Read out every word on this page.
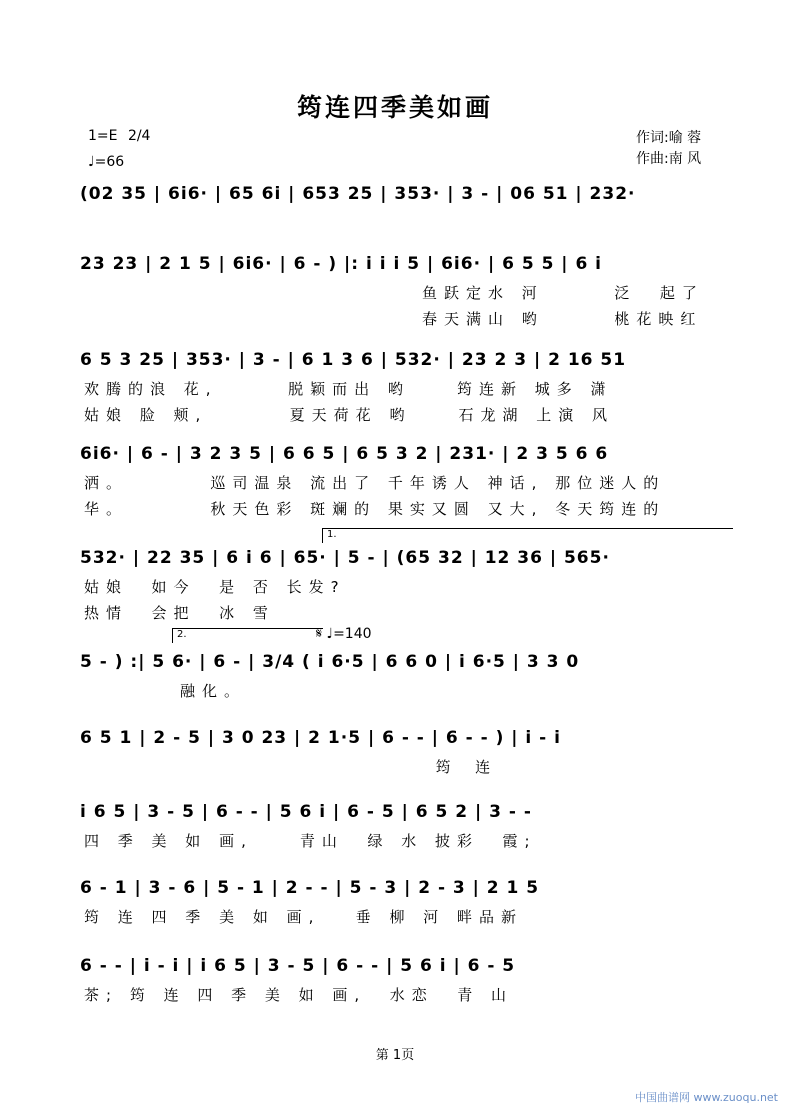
筠连四季美如画
1=E 2/4
♩=66
作词:喻 蓉
作曲:南 风
(02 35 | 6i6· | 65 6i | 653 25 | 353· | 3 - | 06 51 | 232·
23 23 | 2 1 5 | 6i6· | 6 - ) |: i i i 5 | 6i6· | 6 5 5 | 6 i
鱼跃定水 河      泛  起了
春天满山 哟      桃花映红
6 5 3 25 | 353· | 3 - | 6 1 3 6 | 532· | 23 2 3 | 2 16 51
欢腾的浪 花,      脱颖而出 哟    筠连新 城多 潇
姑娘 脸 颊,       夏天荷花 哟    石龙湖 上演 风
6i6· | 6 - | 3 2 3 5 | 6 6 5 | 6 5 3 2 | 231· | 2 3 5 6 6
洒。       巡司温泉 流出了 千年诱人 神话, 那位迷人的
华。       秋天色彩 斑斓的 果实又圆 又大, 冬天筠连的
1.
532· | 22 35 | 6 i 6 | 65· | 5 - | (65 32 | 12 36 | 565·
姑娘  如今  是 否 长发?
热情  会把  冰 雪
2.	𝄋 ♩=140
5 - ) :| 5 6· | 6 - | 3/4 ( i 6·5 | 6 6 0 | i 6·5 | 3 3 0
融化。
6 5 1 | 2 - 5 | 3 0 23 | 2 1·5 | 6 - - | 6 - - ) | i - i
筠  连
i 6 5 | 3 - 5 | 6 - - | 5 6 i | 6 - 5 | 6 5 2 | 3 - -
四 季 美 如 画,    青山  绿 水 披彩  霞;
6 - 1 | 3 - 6 | 5 - 1 | 2 - - | 5 - 3 | 2 - 3 | 2 1 5
筠 连 四 季 美 如 画,   垂 柳 河 畔品新
6 - - | i - i | i 6 5 | 3 - 5 | 6 - - | 5 6 i | 6 - 5
茶; 筠 连 四 季 美 如 画,  水恋  青 山
第 1页
中国曲谱网 www.zuoqu.net
